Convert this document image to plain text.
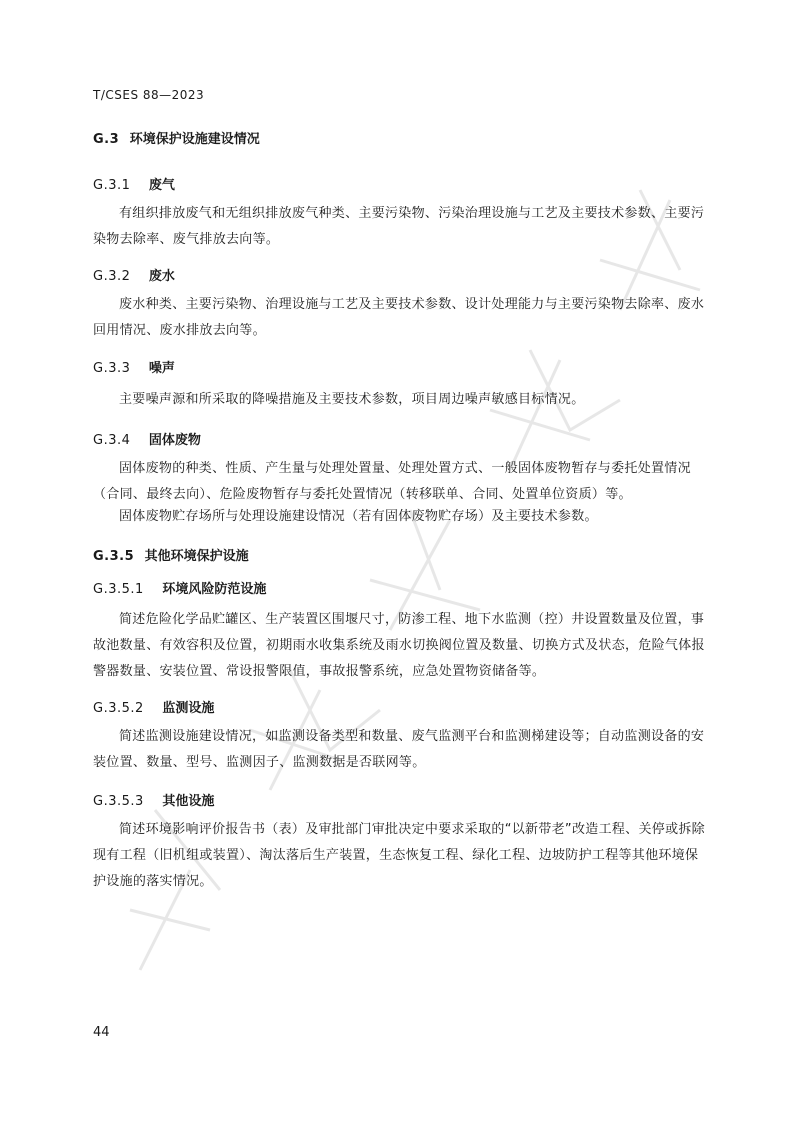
T/CSES 88—2023
G.3 环境保护设施建设情况
G.3.1 废气
有组织排放废气和无组织排放废气种类、主要污染物、污染治理设施与工艺及主要技术参数、主要污染物去除率、废气排放去向等。
G.3.2 废水
废水种类、主要污染物、治理设施与工艺及主要技术参数、设计处理能力与主要污染物去除率、废水回用情况、废水排放去向等。
G.3.3 噪声
主要噪声源和所采取的降噪措施及主要技术参数，项目周边噪声敏感目标情况。
G.3.4 固体废物
固体废物的种类、性质、产生量与处理处置量、处理处置方式、一般固体废物暂存与委托处置情况（合同、最终去向）、危险废物暂存与委托处置情况（转移联单、合同、处置单位资质）等。
固体废物贮存场所与处理设施建设情况（若有固体废物贮存场）及主要技术参数。
G.3.5 其他环境保护设施
G.3.5.1 环境风险防范设施
简述危险化学品贮罐区、生产装置区围堰尺寸，防渗工程、地下水监测（控）井设置数量及位置，事故池数量、有效容积及位置，初期雨水收集系统及雨水切换阀位置及数量、切换方式及状态，危险气体报警器数量、安装位置、常设报警限值，事故报警系统，应急处置物资储备等。
G.3.5.2 监测设施
简述监测设施建设情况，如监测设备类型和数量、废气监测平台和监测梯建设等；自动监测设备的安装位置、数量、型号、监测因子、监测数据是否联网等。
G.3.5.3 其他设施
简述环境影响评价报告书（表）及审批部门审批决定中要求采取的“以新带老”改造工程、关停或拆除现有工程（旧机组或装置）、淘汰落后生产装置，生态恢复工程、绿化工程、边坡防护工程等其他环境保护设施的落实情况。
44
